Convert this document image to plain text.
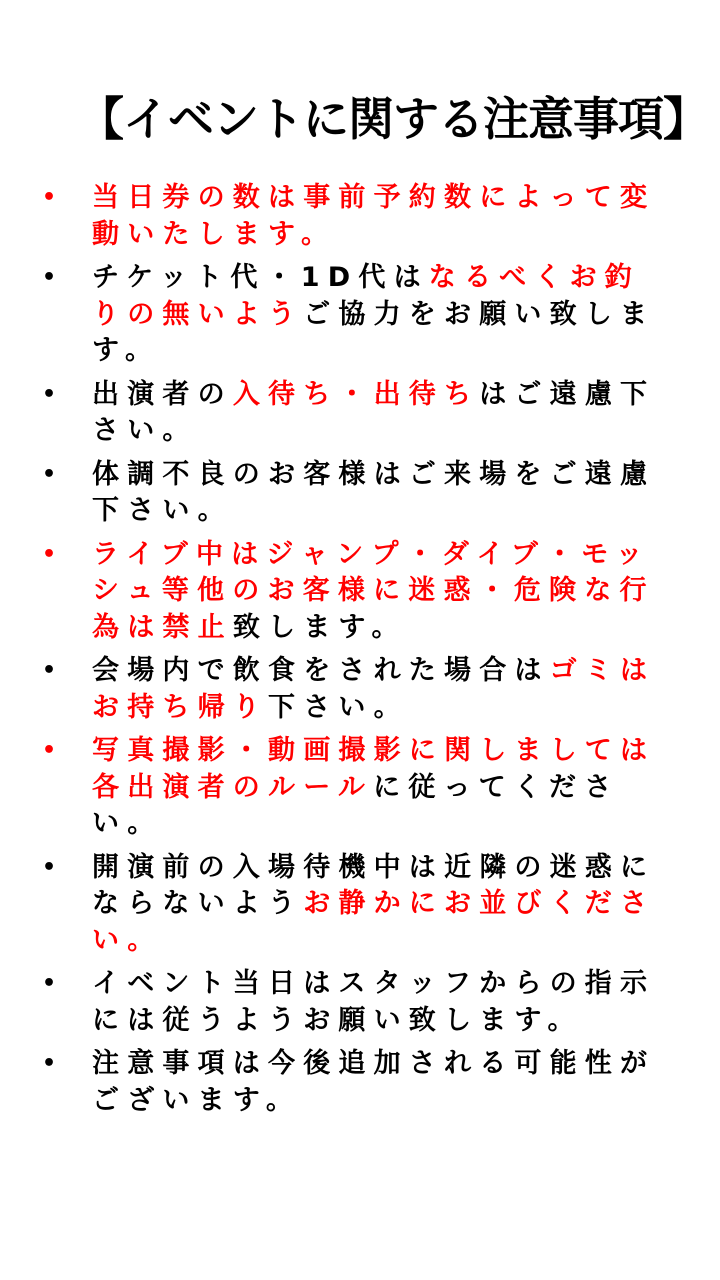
【イベントに関する注意事項】
• 当日券の数は事前予約数によって変動いたします。
• チケット代・1D代はなるべくお釣りの無いようご協力をお願い致します。
• 出演者の入待ち・出待ちはご遠慮下さい。
• 体調不良のお客様はご来場をご遠慮下さい。
• ライブ中はジャンプ・ダイブ・モッシュ等他のお客様に迷惑・危険な行為は禁止致します。
• 会場内で飲食をされた場合はゴミはお持ち帰り下さい。
• 写真撮影・動画撮影に関しましては各出演者のルールに従ってください。
• 開演前の入場待機中は近隣の迷惑にならないようお静かにお並びください。
• イベント当日はスタッフからの指示には従うようお願い致します。
• 注意事項は今後追加される可能性がございます。
